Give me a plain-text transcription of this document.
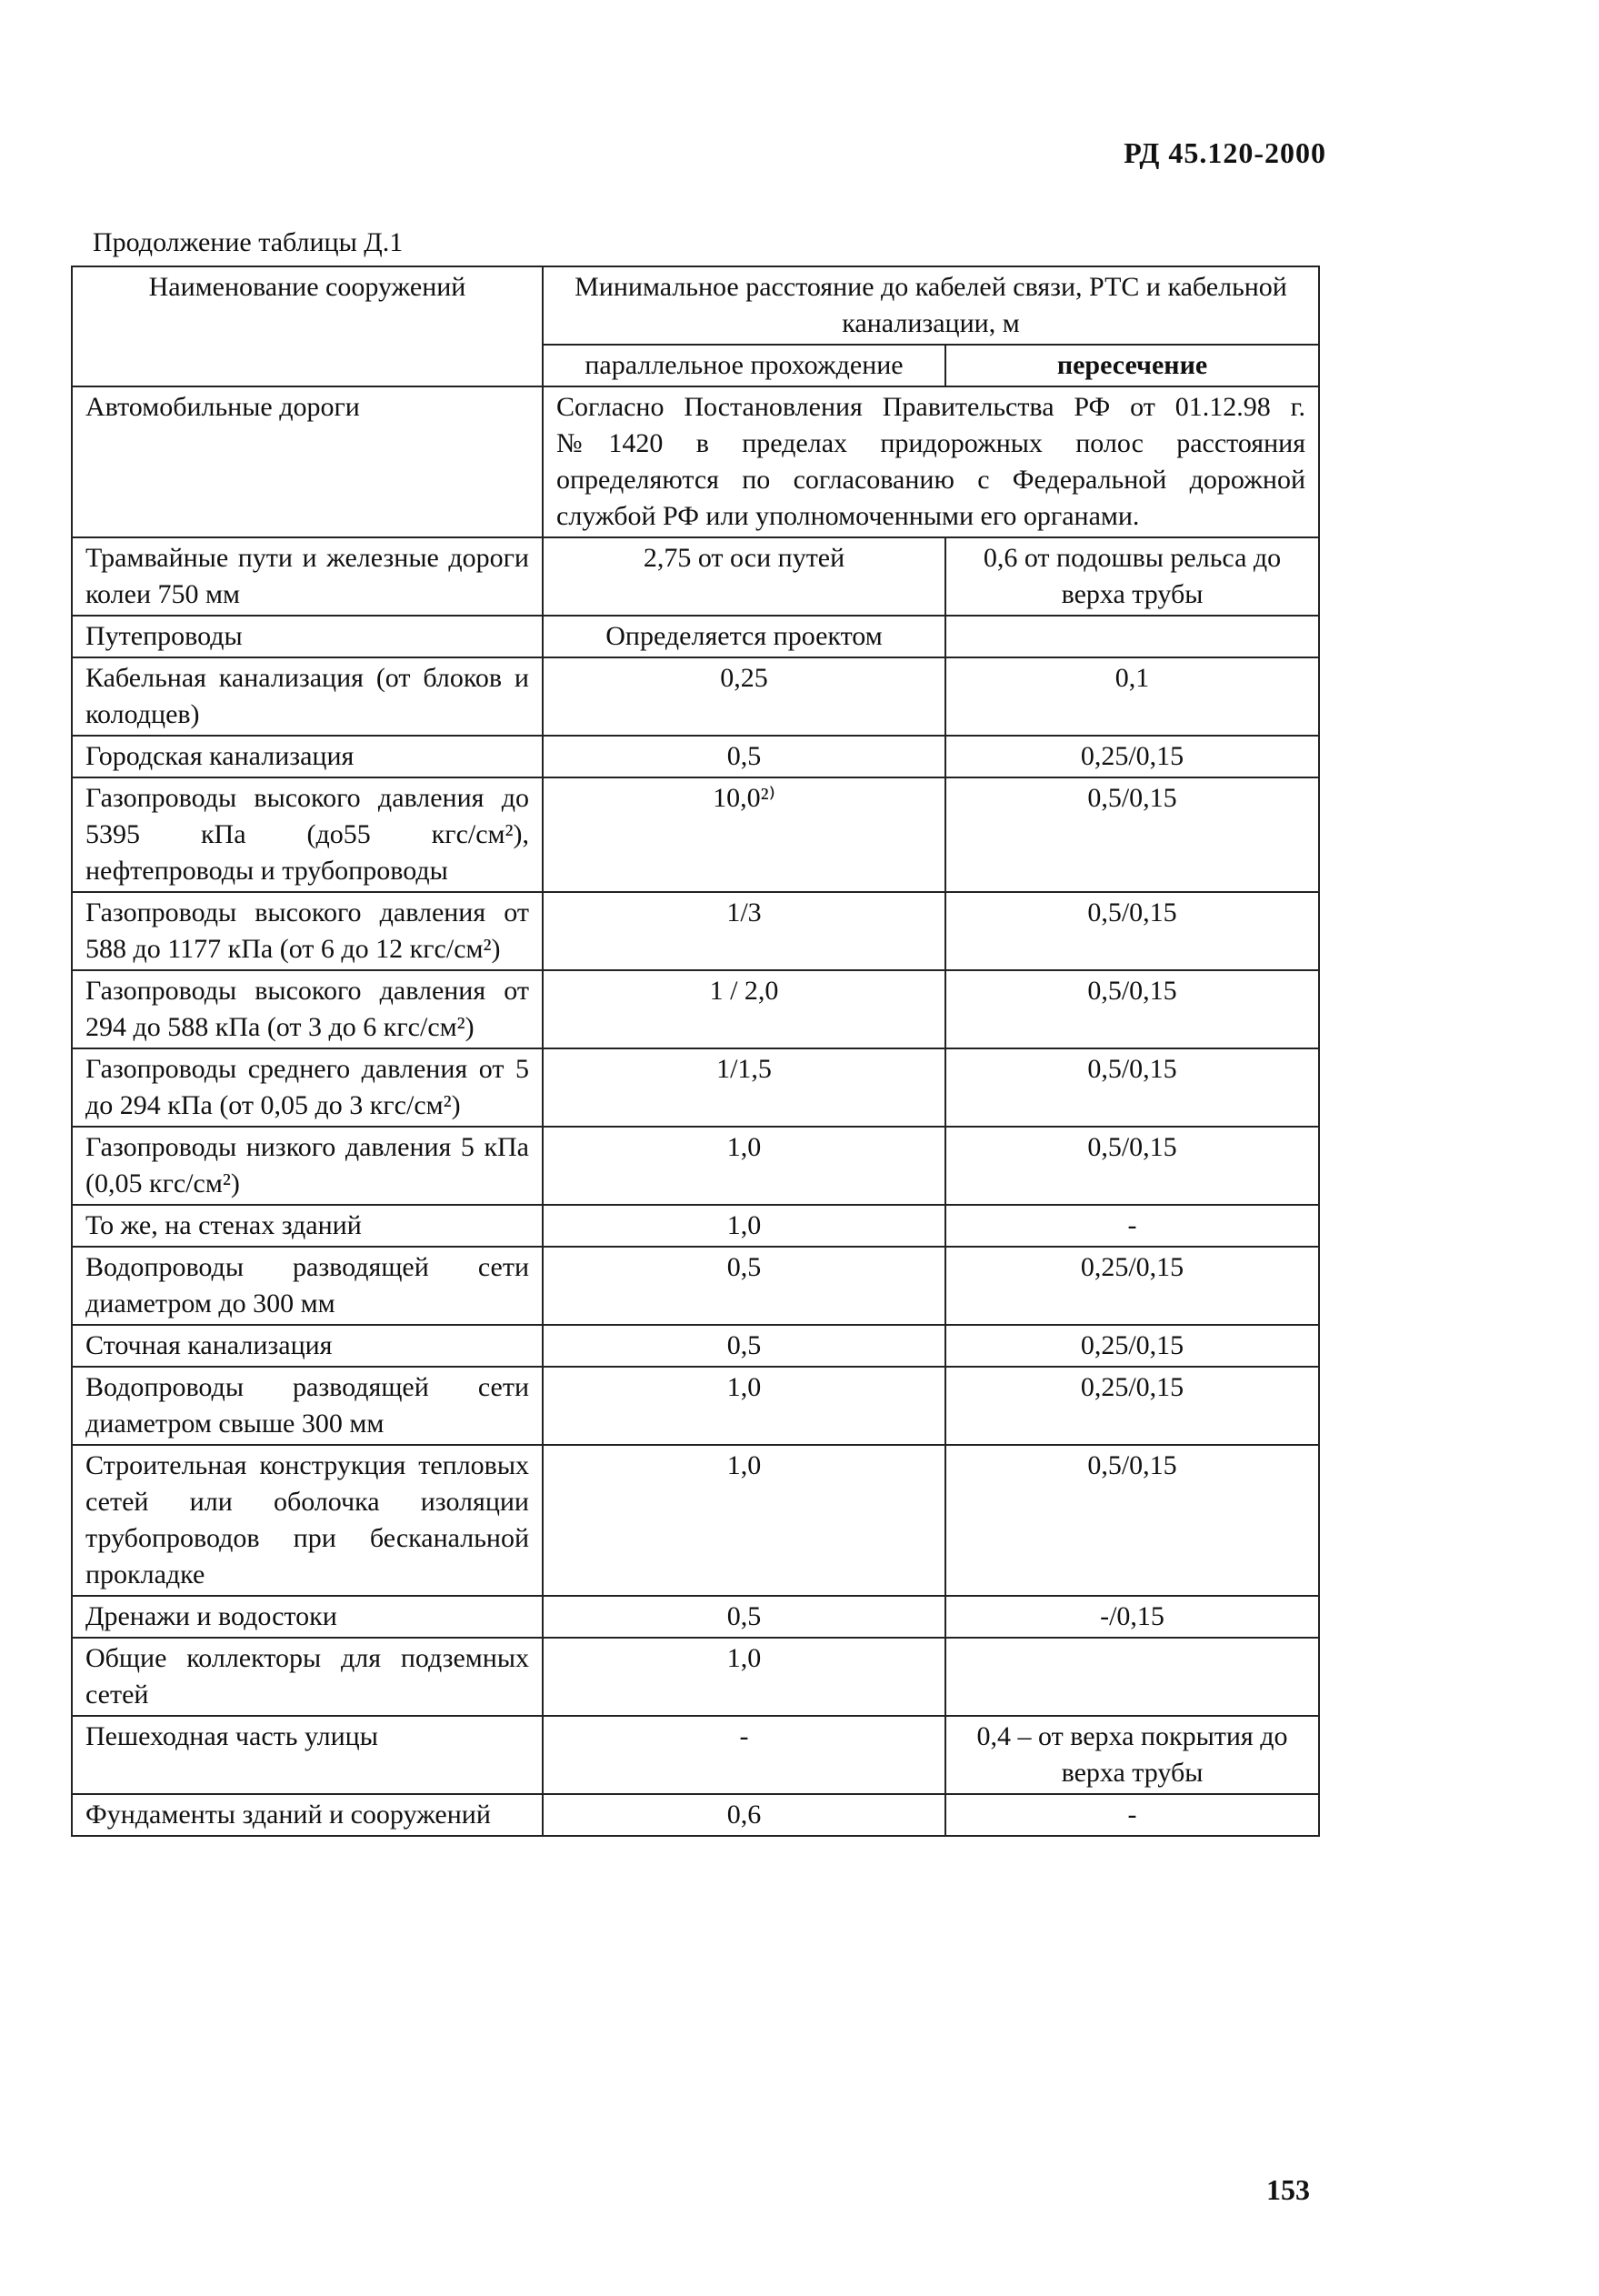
РД 45.120-2000
Продолжение таблицы Д.1
Наименование сооружений	Минимальное расстояние до кабелей связи, РТС и кабельной канализации, м	
	параллельное прохождение	пересечение
Автомобильные дороги	Согласно Постановления Правительства РФ от 01.12.98 г. №1420 в пределах придорожных полос расстояния определяются по согласованию с Федеральной дорожной службой РФ или уполномоченными его органами.	
Трамвайные пути и железные дороги колеи 750 мм	2,75 от оси путей	0,6 от подошвы рельса до верха трубы
Путепроводы	Определяется проектом	
Кабельная канализация (от блоков и колодцев)	0,25	0,1
Городская канализация	0,5	0,25/0,15
Газопроводы высокого давления до 5395 кПа (до55 кгс/см²), нефтепроводы и трубопроводы	10,0²⁾	0,5/0,15
Газопроводы высокого давления от 588 до 1177 кПа (от 6 до 12 кгс/см²)	1/3	0,5/0,15
Газопроводы высокого давления от 294 до 588 кПа (от 3 до 6 кгс/см²)	1 / 2,0	0,5/0,15
Газопроводы среднего давления от 5 до 294 кПа (от 0,05 до 3 кгс/см²)	1/1,5	0,5/0,15
Газопроводы низкого давления 5 кПа (0,05 кгс/см²)	1,0	0,5/0,15
То же, на стенах зданий	1,0	-
Водопроводы разводящей сети диаметром до 300 мм	0,5	0,25/0,15
Сточная канализация	0,5	0,25/0,15
Водопроводы разводящей сети диаметром свыше 300 мм	1,0	0,25/0,15
Строительная конструкция тепловых сетей или оболочка изоляции трубопроводов при бесканальной прокладке	1,0	0,5/0,15
Дренажи и водостоки	0,5	-/0,15
Общие коллекторы для подземных сетей	1,0	
Пешеходная часть улицы	-	0,4 – от верха покрытия до верха трубы
Фундаменты зданий и сооружений	0,6	-
153
